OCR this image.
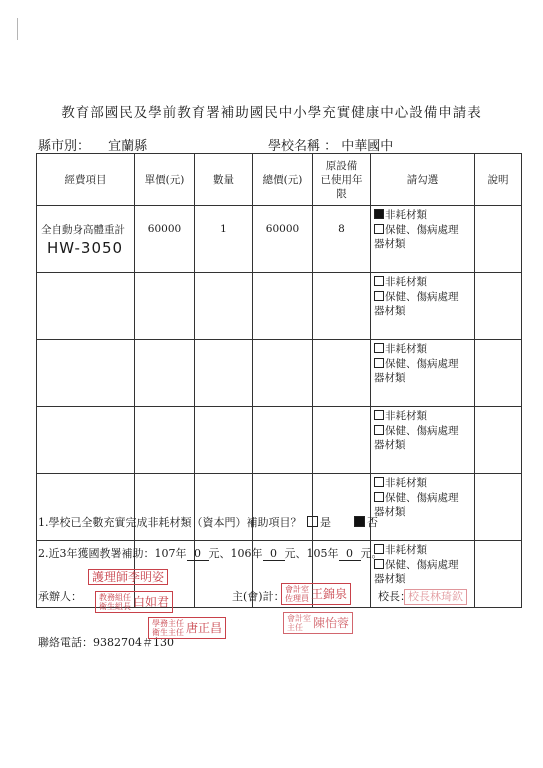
教育部國民及學前教育署補助國民中小學充實健康中心設備申請表
縣市別： 宜蘭縣	學校名稱 ： 中華國中
經費項目	單價(元)	數量	總價(元)	原設備
已使用年
限	請勾選	說明
全自動身高體重計
HW-3050	60000	1	60000	8	非耗材類
保健、傷病處理
器材類	

					非耗材類
保健、傷病處理
器材類	

					非耗材類
保健、傷病處理
器材類	

					非耗材類
保健、傷病處理
器材類	

					非耗材類
保健、傷病處理
器材類	

					非耗材類
保健、傷病處理
器材類	

1.學校已全數充實完成非耗材類（資本門）補助項目？ 是	否
2.近3年獲國教署補助：107年 0 元、106年 0 元、105年 0 元。
承辦人：	主(會)計：	校長：
聯絡電話：9382704＃130
護理師李明姿
教務組任
衛生組長 白如君
會計室
佐理員 王錦泉	校長林琦欽
學務主任
衛生主任 唐正昌
會計室
主任 陳怡蓉
